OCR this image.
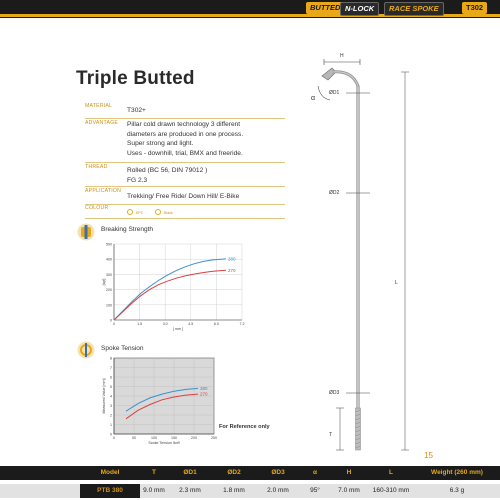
BUTTED N-LOCK	RACE SPOKE	T302
Triple Butted
MATERIAL
T302+
ADVANTAGE Pillar cold drawn technology 3 different
diameters are produced in one process.
Super strong and light.
Uses - downhill, trial, BMX and freeride.
THREAD	Rolled (BC 56, DIN 79012 )
FG 2.3
APPLICATION
Trekking/ Free Ride/ Down Hill/ E-Bike
COLOUR
EPC	Black
Breaking Strength
0
100
200
300
400
500
0	1.5	3.0	4.5	6.0	7.2
[ mm ]
[kgf]
380
270
Spoke Tension
0
1
2
3
4
5
6
7
8
0	50	100	150	200	250
Spoke Tension [kgf]
Measured Value [mm]	380
270
For Reference only
H
α
ØD1
ØD2
ØD3
L
T
15
Model	T	ØD1	ØD2	ØD3	α	H	L	Weight (260 mm)
PTB 380	9.0 mm	2.3 mm	1.8 mm	2.0 mm	95°	7.0 mm	160-310 mm	6.3 g
